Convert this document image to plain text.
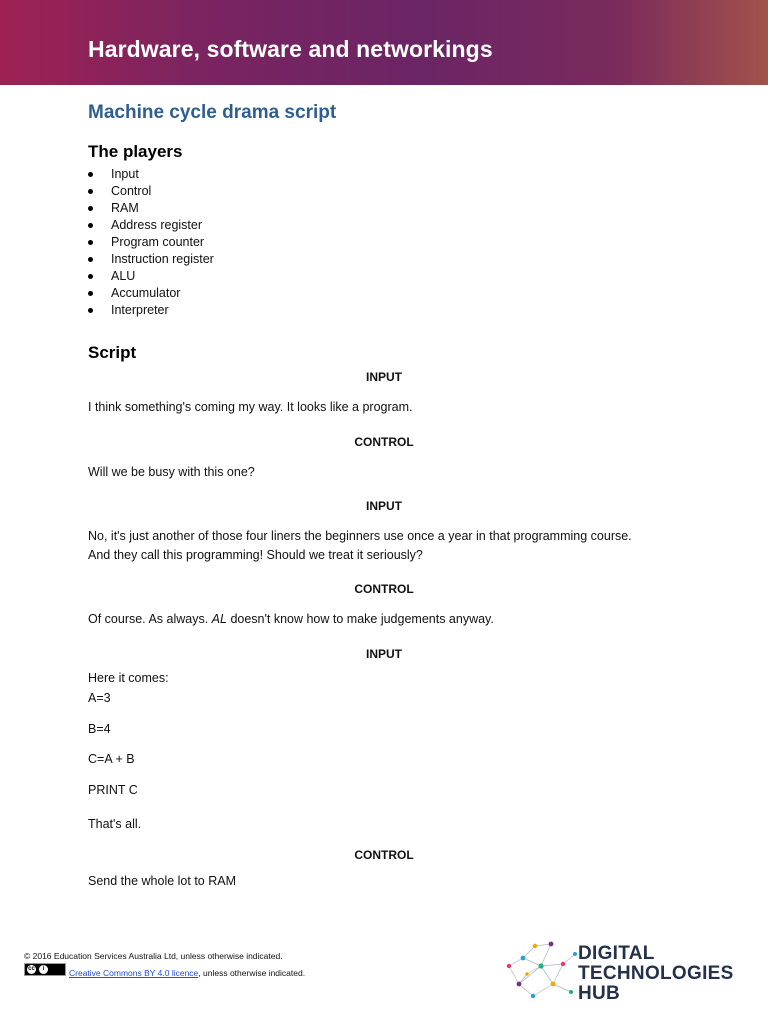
Hardware, software and networkings
Machine cycle drama script
The players
Input
Control
RAM
Address register
Program counter
Instruction register
ALU
Accumulator
Interpreter
Script
INPUT
I think something's coming my way. It looks like a program.
CONTROL
Will we be busy with this one?
INPUT
No, it's just another of those four liners the beginners use once a year in that programming course.
And they call this programming! Should we treat it seriously?
CONTROL
Of course. As always. AL doesn't know how to make judgements anyway.
INPUT
Here it comes:
A=3
B=4
C=A + B
PRINT C
That's all.
CONTROL
Send the whole lot to RAM
© 2016 Education Services Australia Ltd, unless otherwise indicated.
cc	i	Creative Commons BY 4.0 licence, unless otherwise indicated.
DIGITAL
TECHNOLOGIES
HUB
